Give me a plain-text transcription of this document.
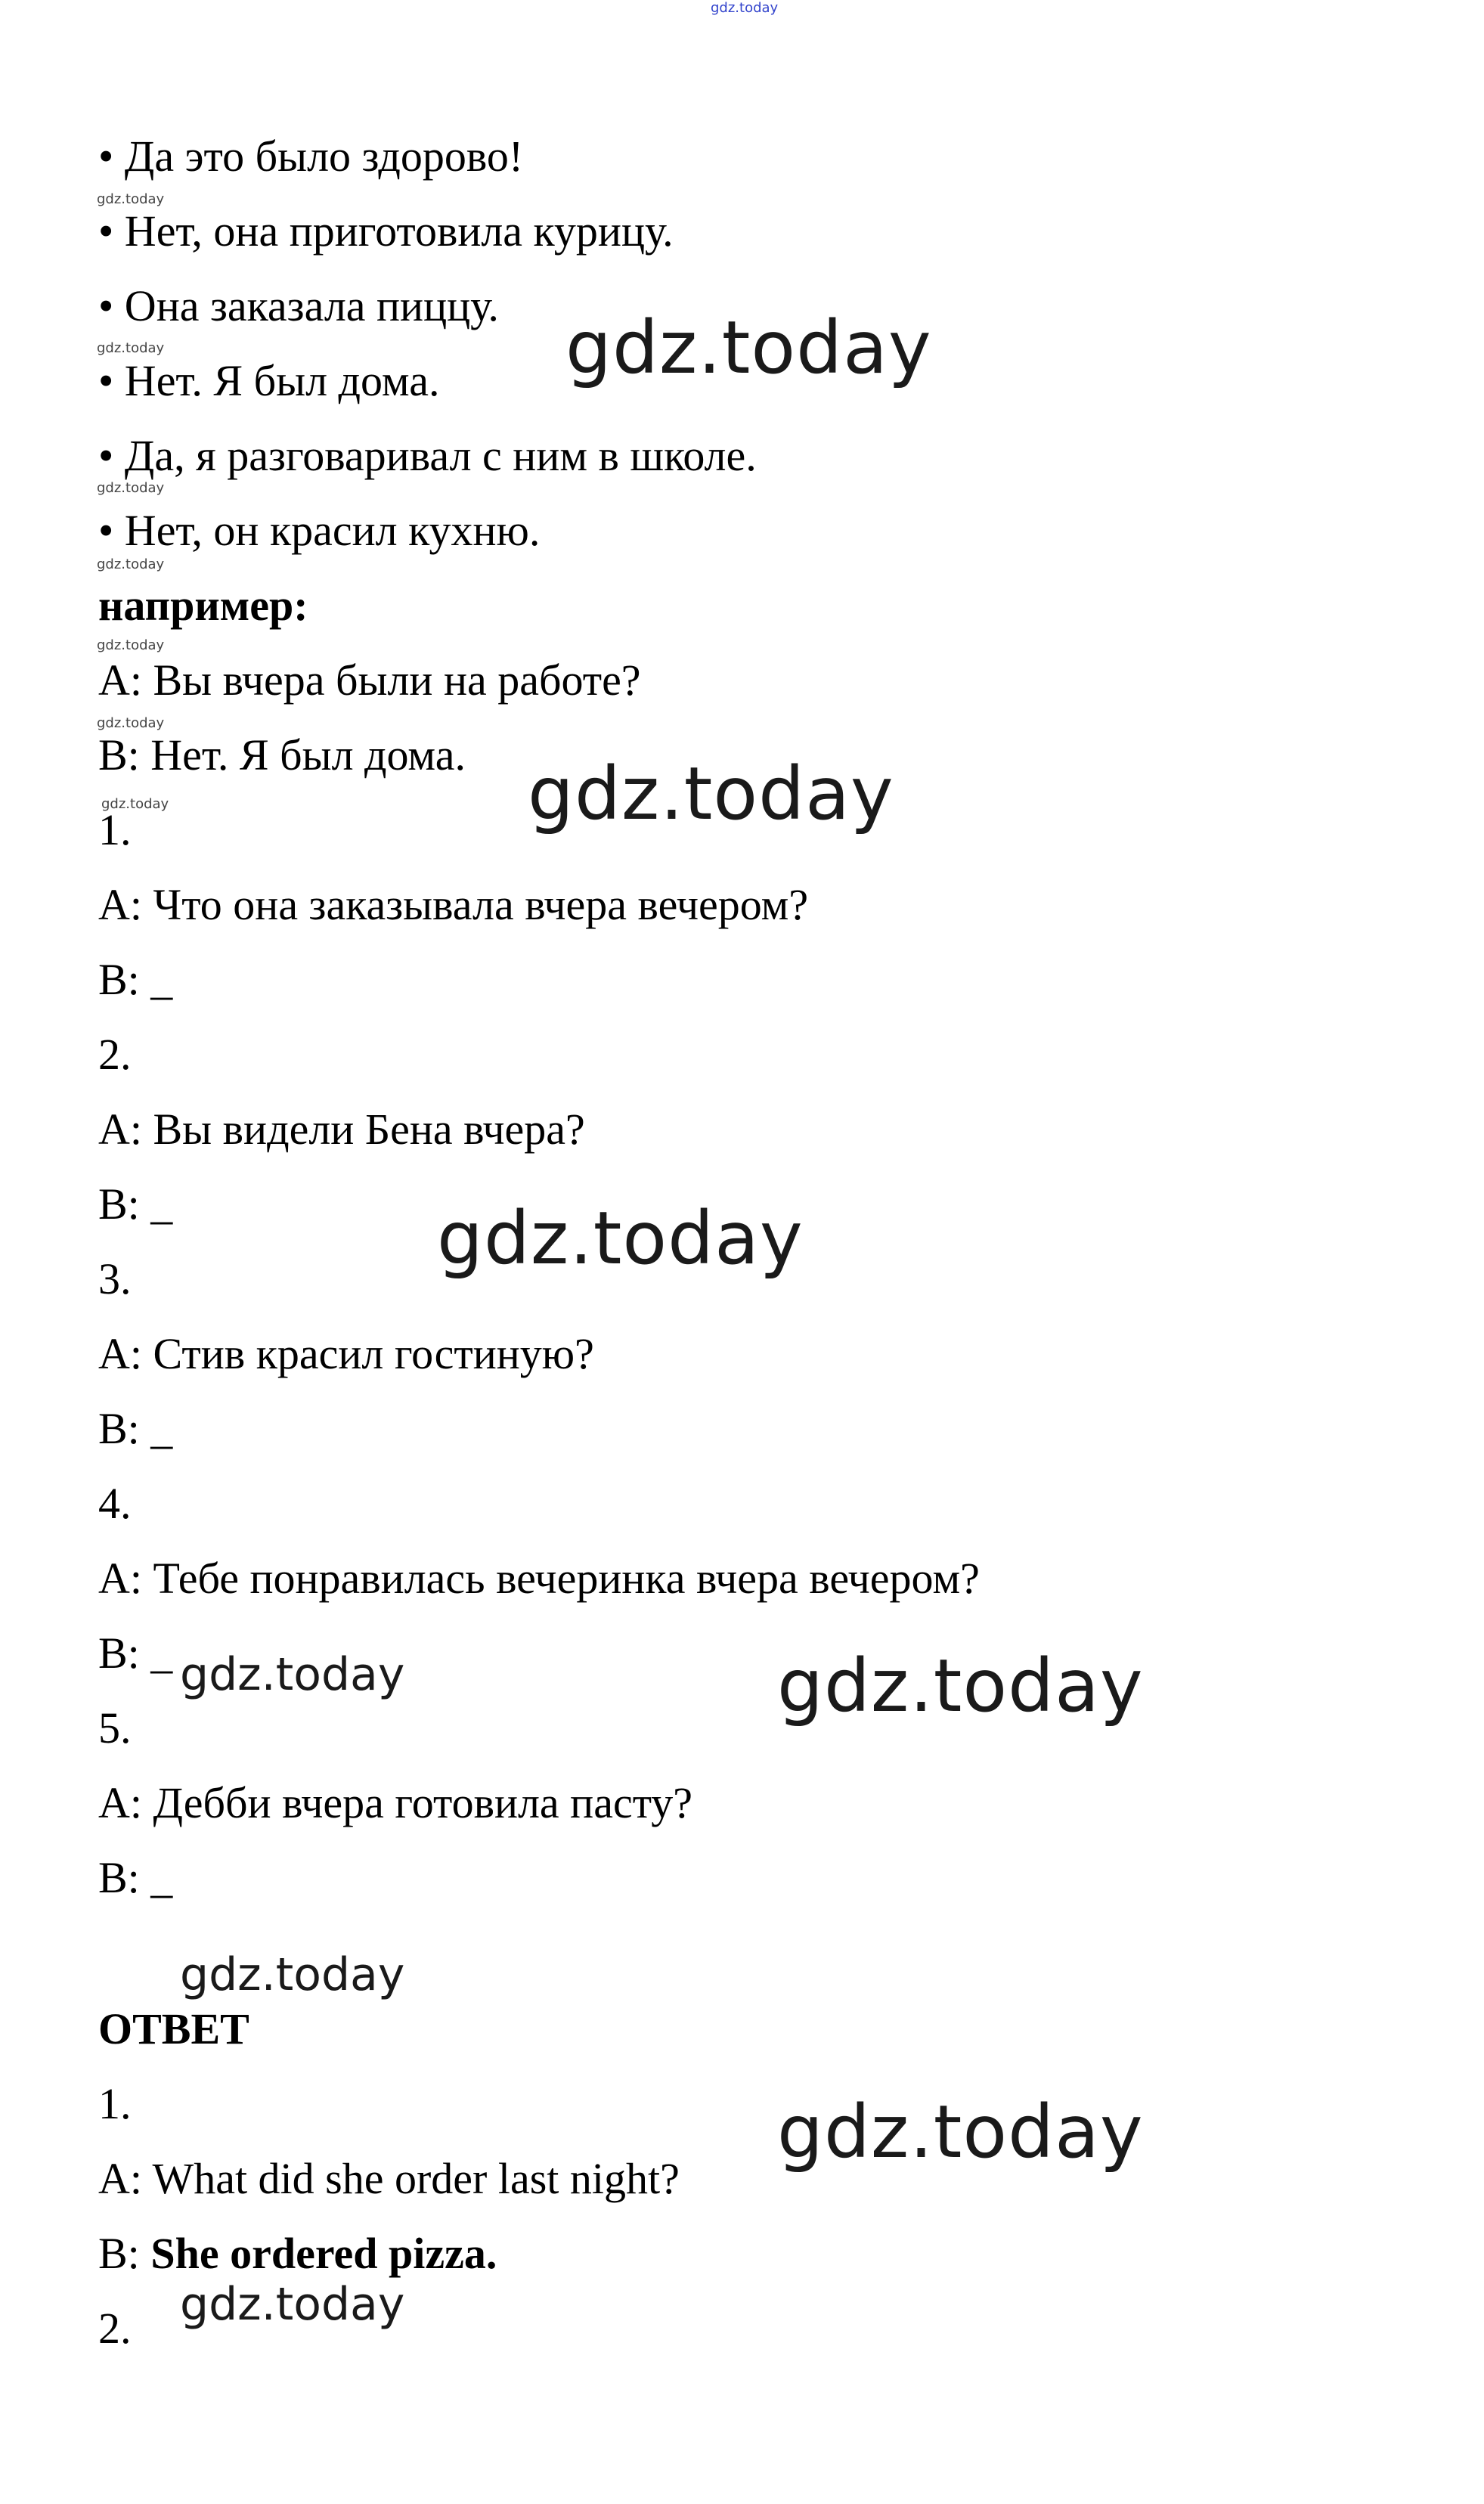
gdz.today
• Да это было здорово!
• Нет, она приготовила курицу.
• Она заказала пиццу.
• Нет. Я был дома.
• Да, я разговаривал с ним в школе.
• Нет, он красил кухню.
например:
A: Вы вчера были на работе?
B: Нет. Я был дома.
1.
A: Что она заказывала вчера вечером?
B: _
2.
A: Вы видели Бена вчера?
B: _
3.
A: Стив красил гостиную?
B: _
4.
A: Тебе понравилась вечеринка вчера вечером?
B: _
5.
A: Дебби вчера готовила пасту?
B: _
ОТВЕТ
1.
A: What did she order last night?
B: She ordered pizza.
2.
gdz.today
gdz.today
gdz.today
gdz.today
gdz.today
gdz.today
gdz.today
gdz.today
gdz.today
gdz.today
gdz.today
gdz.today
gdz.today
gdz.today
gdz.today
